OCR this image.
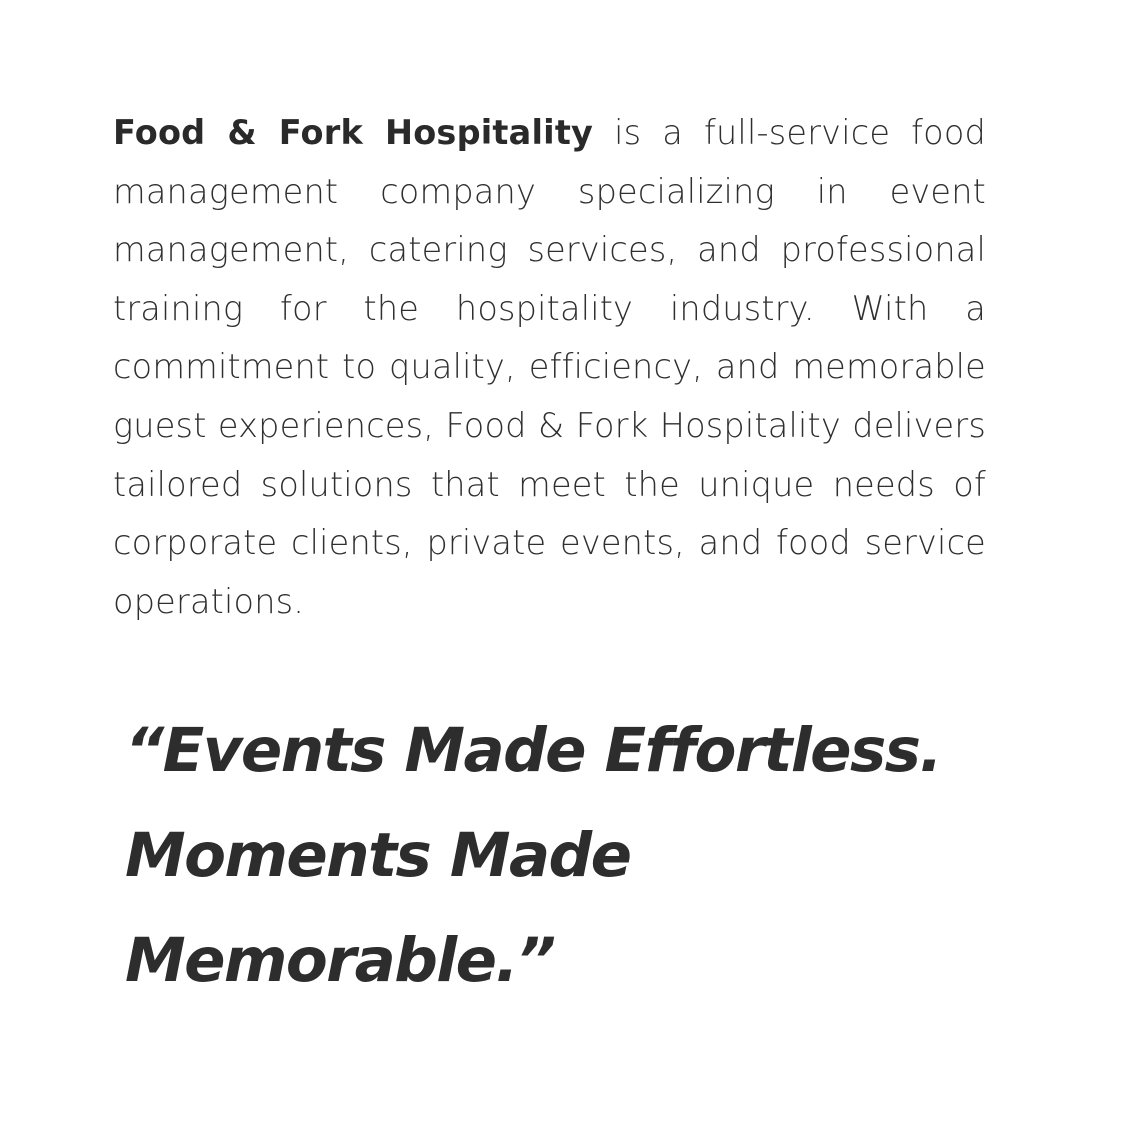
Food & Fork Hospitality is a full-service food management company specializing in event management, catering services, and professional training for the hospitality industry. With a commitment to quality, efficiency, and memorable guest experiences, Food & Fork Hospitality delivers tailored solutions that meet the unique needs of corporate clients, private events, and food service operations.

“Events Made Effortless.
Moments Made
Memorable.”
